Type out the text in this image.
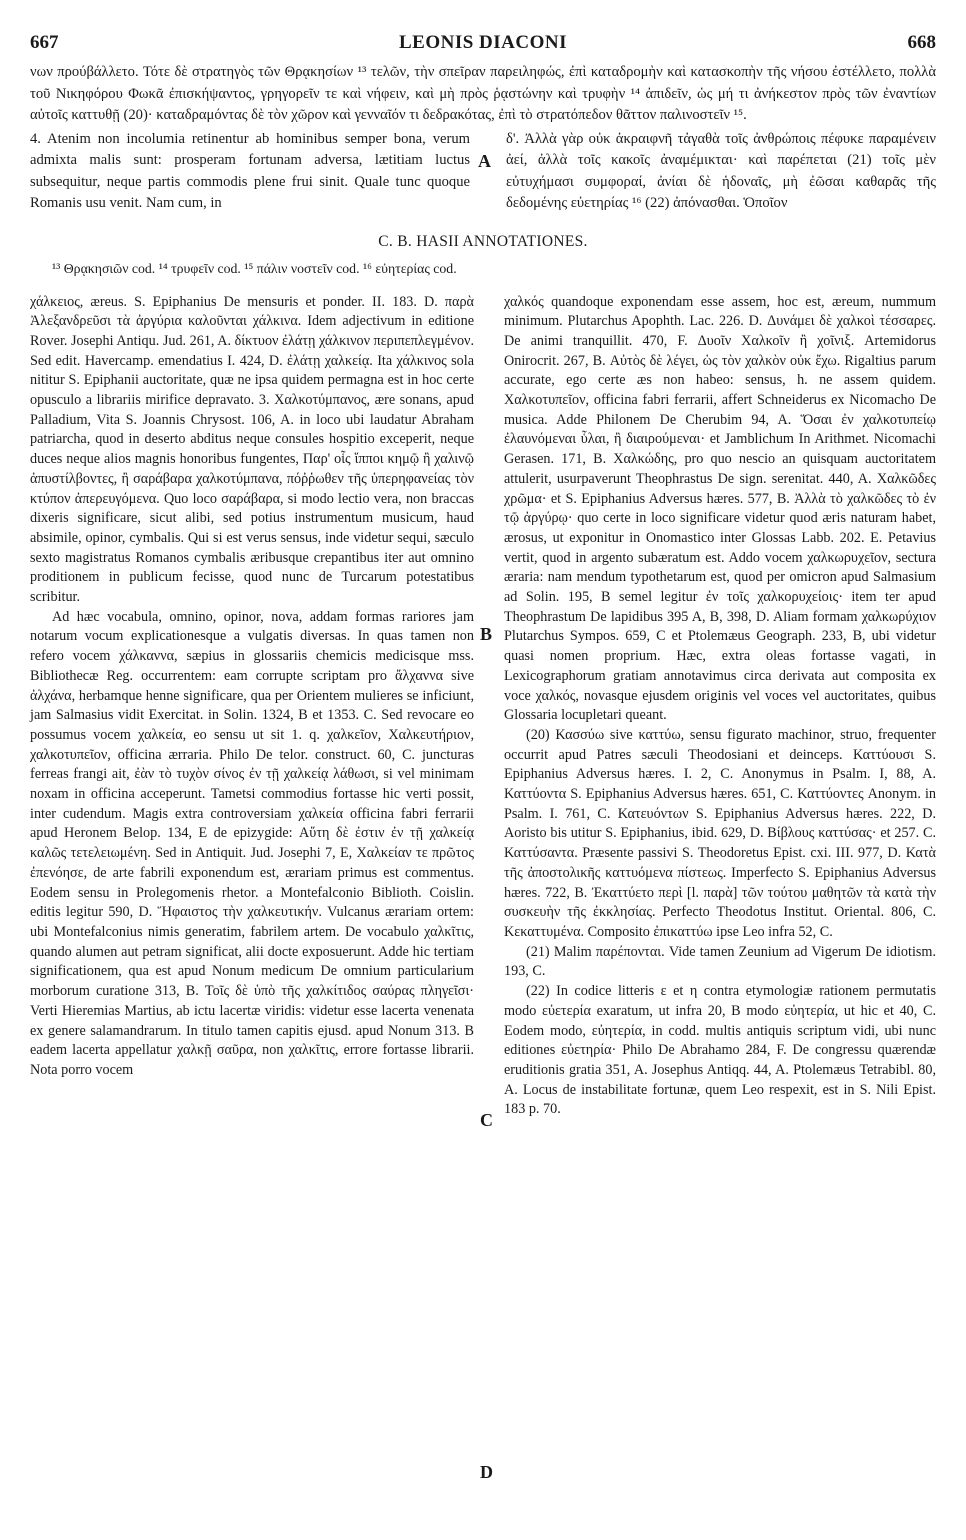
667	LEONIS DIACONI	668

νων προύβάλλετο. Τότε δὲ στρατηγὸς τῶν Θρᾳκησίων ¹³ τελῶν, τὴν σπεῖραν παρειληφώς, ἐπὶ καταδρομὴν καὶ κατασκοπὴν τῆς νήσου ἐστέλλετο, πολλὰ τοῦ Νικηφόρου Φωκᾶ ἐπισκήψαντος, γρηγορεῖν τε καὶ νήφειν, καὶ μὴ πρὸς ῥᾳστώνην καὶ τρυφὴν ¹⁴ ἀπιδεῖν, ὡς μή τι ἀνήκεστον πρὸς τῶν ἐναντίων αὐτοῖς καττυθῇ (20)· καταδραμόντας δὲ τὸν χῶρον καὶ γενναῖόν τι δεδρακότας, ἐπὶ τὸ στρατόπεδον θᾶττον παλινοστεῖν ¹⁵.

4. Atenim non incolumia retinentur ab hominibus semper bona, verum admixta malis sunt: prosperam fortunam adversa, lætitiam luctus subsequitur, neque partis commodis plene frui sinit. Quale tunc quoque Romanis usu venit. Nam cum, in
A
δ'. Ἀλλὰ γὰρ οὐκ ἀκραιφνῆ τἀγαθὰ τοῖς ἀνθρώποις πέφυκε παραμένειν ἀεί, ἀλλὰ τοῖς κακοῖς ἀναμέμικται· καὶ παρέπεται (21) τοῖς μὲν εὐτυχήμασι συμφοραί, ἀνίαι δὲ ἡδοναῖς, μὴ ἐῶσαι καθαρᾶς τῆς δεδομένης εὐετηρίας ¹⁶ (22) ἀπόνασθαι. Ὁποῖον
C. B. HASII ANNOTATIONES.
¹³ Θρᾳκησιῶν cod. ¹⁴ τρυφεῖν cod. ¹⁵ πάλιν νοστεῖν cod. ¹⁶ εὐητερίας cod.

χάλκειος, æreus. S. Epiphanius De mensuris et ponder. II. 183. D. παρὰ Ἀλεξανδρεῦσι τὰ ἀργύρια καλοῦνται χάλκινα. Idem adjectivum in editione Rover. Josephi Antiqu. Jud. 261, A. δίκτυον ἐλάτῃ χάλκινον περιπεπλεγμένον. Sed edit. Havercamp. emendatius I. 424, D. ἐλάτῃ χαλκείᾳ. Ita χάλκινος sola nititur S. Epiphanii auctoritate, quæ ne ipsa quidem permagna est in hoc certe opusculo a librariis mirifice depravato. 3. Χαλκοτύμπανος, ære sonans, apud Palladium, Vita S. Joannis Chrysost. 106, A. in loco ubi laudatur Abraham patriarcha, quod in deserto abditus neque consules hospitio exceperit, neque duces neque alios magnis honoribus fungentes, Παρ' οἷς ἵπποι κημῷ ἢ χαλινῷ ἀπυστίλβοντες, ἢ σαράβαρα χαλκοτύμπανα, πόῤῥωθεν τῆς ὑπερηφανείας τὸν κτύπον ἀπερευγόμενα. Quo loco σαράβαρα, si modo lectio vera, non braccas dixeris significare, sicut alibi, sed potius instrumentum musicum, haud absimile, opinor, cymbalis. Qui si est verus sensus, inde videtur sequi, sæculo sexto magistratus Romanos cymbalis æribusque crepantibus iter aut omnino proditionem in publicum fecisse, quod nunc de Turcarum potestatibus scribitur.

Ad hæc vocabula, omnino, opinor, nova, addam formas rariores jam notarum vocum explicationesque a vulgatis diversas. In quas tamen non refero vocem χάλκαννα, sæpius in glossariis chemicis medicisque mss. Bibliothecæ Reg. occurrentem: eam corrupte scriptam pro ἄλχαννα sive ἀλχάνα, herbamque henne significare, qua per Orientem mulieres se inficiunt, jam Salmasius vidit Exercitat. in Solin. 1324, B et 1353. C. Sed revocare eo possumus vocem χαλκεία, eo sensu ut sit 1. q. χαλκεῖον, Χαλκευτήριον, χαλκοτυπεῖον, officina ærraria. Philo De telor. construct. 60, C. juncturas ferreas frangi ait, ἐὰν τὸ τυχὸν σίνος ἐν τῇ χαλκείᾳ λάθωσι, si vel minimam noxam in officina acceperunt. Tametsi commodius fortasse hic verti possit, inter cudendum. Magis extra controversiam χαλκεία officina fabri ferrarii apud Heronem Belop. 134, E de epizygide: Αὕτη δὲ ἐστιν ἐν τῇ χαλκείᾳ καλῶς τετελειωμένη. Sed in Antiquit. Jud. Josephi 7, E, Χαλκείαν τε πρῶτος ἐπενόησε, de arte fabrili exponendum est, ærariam primus est commentus. Eodem sensu in Prolegomenis rhetor. a Montefalconio Biblioth. Coislin. editis legitur 590, D. Ἥφαιστος τὴν χαλκευτικήν. Vulcanus ærariam ortem: ubi Montefalconius nimis generatim, fabrilem artem. De vocabulo χαλκῖτις, quando alumen aut petram significat, alii docte exposuerunt. Adde hic tertiam significationem, qua est apud Nonum medicum De omnium particularium morborum curatione 313, B. Τοῖς δὲ ὑπὸ τῆς χαλκίτιδος σαύρας πληγεῖσι· Verti Hieremias Martius, ab ictu lacertæ viridis: videtur esse lacerta venenata ex genere salamandrarum. In titulo tamen capitis ejusd. apud Nonum 313. B eadem lacerta appellatur χαλκῇ σαῦρα, non χαλκῖτις, errore fortasse librarii. Nota porro vocem

B
C
D

χαλκός quandoque exponendam esse assem, hoc est, æreum, nummum minimum. Plutarchus Apophth. Lac. 226. D. Δυνάμει δὲ χαλκοὶ τέσσαρες. De animi tranquillit. 470, F. Δυοῖν Χαλκοῖν ἢ χοῖνιξ. Artemidorus Onirocrit. 267, B. Αὐτὸς δὲ λέγει, ὡς τὸν χαλκὸν οὐκ ἔχω. Rigaltius parum accurate, ego certe æs non habeo: sensus, h. ne assem quidem. Χαλκοτυπεῖον, officina fabri ferrarii, affert Schneiderus ex Nicomacho De musica. Adde Philonem De Cherubim 94, A. Ὅσαι ἐν χαλκοτυπείῳ ἐλαυνόμεναι ὗλαι, ἢ διαιρούμεναι· et Jamblichum In Arithmet. Nicomachi Gerasen. 171, B. Χαλκώδης, pro quo nescio an quisquam auctoritatem attulerit, usurpaverunt Theophrastus De sign. serenitat. 440, A. Χαλκῶδες χρῶμα· et S. Epiphanius Adversus hæres. 577, B. Ἀλλὰ τὸ χαλκῶδες τὸ ἐν τῷ ἀργύρῳ· quo certe in loco significare videtur quod æris naturam habet, ærosus, ut exponitur in Onomastico inter Glossas Labb. 202. E. Petavius vertit, quod in argento subæratum est. Addo vocem χαλκωρυχεῖον, sectura æraria: nam mendum typothetarum est, quod per omicron apud Salmasium ad Solin. 195, B semel legitur ἐν τοῖς χαλκορυχείοις· item ter apud Theophrastum De lapidibus 395 A, B, 398, D. Aliam formam χαλκωρύχιον Plutarchus Sympos. 659, C et Ptolemæus Geograph. 233, B, ubi videtur quasi nomen proprium. Hæc, extra oleas fortasse vagati, in Lexicographorum gratiam annotavimus circa derivata aut composita ex voce χαλκός, novasque ejusdem originis vel voces vel auctoritates, quibus Glossaria locupletari queant.

(20) Κασσύω sive καττύω, sensu figurato machinor, struo, frequenter occurrit apud Patres sæculi Theodosiani et deinceps. Καττύουσι S. Epiphanius Adversus hæres. I. 2, C. Anonymus in Psalm. I, 88, A. Καττύοντα S. Epiphanius Adversus hæres. 651, C. Καττύοντες Anonym. in Psalm. I. 761, C. Κατευόντων S. Epiphanius Adversus hæres. 222, D. Aoristo bis utitur S. Epiphanius, ibid. 629, D. Βίβλους καττύσας· et 257. C. Καττύσαντα. Præsente passivi S. Theodoretus Epist. cxi. III. 977, D. Κατὰ τῆς ἀποστολικῆς καττυόμενα πίστεως. Imperfecto S. Epiphanius Adversus hæres. 722, B. Ἐκαττύετο περὶ [l. παρὰ] τῶν τούτου μαθητῶν τὰ κατὰ τὴν συσκευὴν τῆς ἐκκλησίας. Perfecto Theodotus Institut. Oriental. 806, C. Κεκαττυμένα. Composito ἐπικαττύω ipse Leo infra 52, C.

(21) Malim παρέπονται. Vide tamen Zeunium ad Vigerum De idiotism. 193, C.

(22) In codice litteris ε et η contra etymologiæ rationem permutatis modo εὐετερία exaratum, ut infra 20, B modo εὐητερία, ut hic et 40, C. Eodem modo, εὐητερία, in codd. multis antiquis scriptum vidi, ubi nunc editiones εὐετηρία· Philo De Abrahamo 284, F. De congressu quærendæ eruditionis gratia 351, A. Josephus Antiqq. 44, A. Ptolemæus Tetrabibl. 80, A. Locus de instabilitate fortunæ, quem Leo respexit, est in S. Nili Epist. 183 p. 70.
